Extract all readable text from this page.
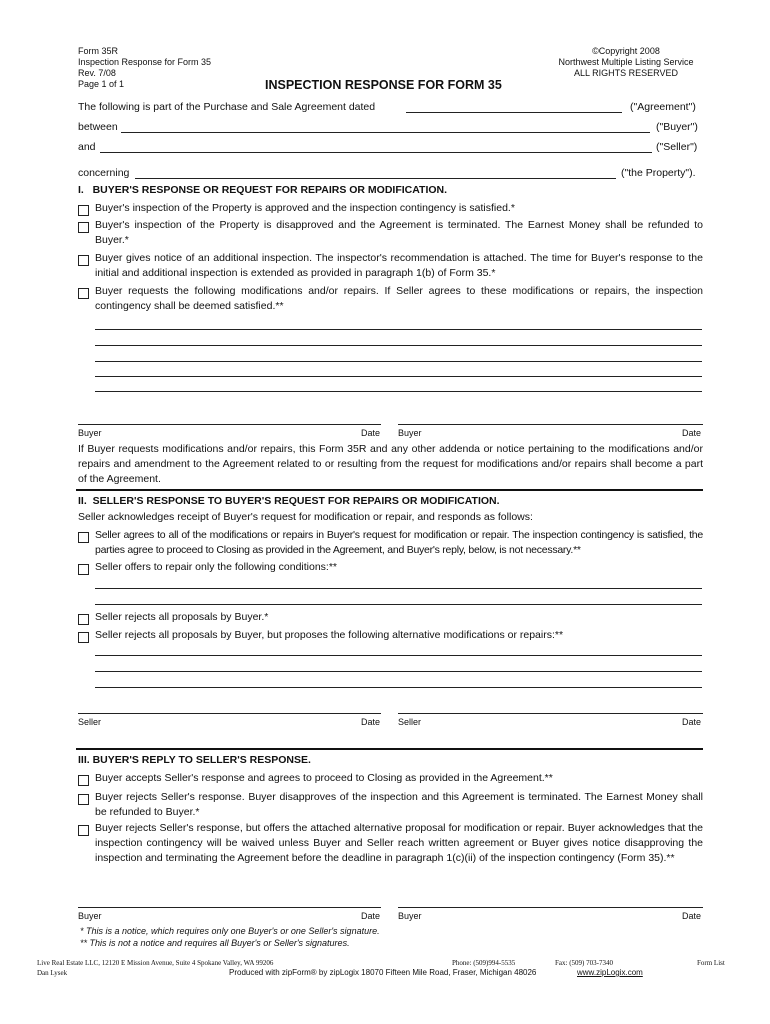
Form 35R
Inspection Response for Form 35
Rev. 7/08
Page 1 of 1	INSPECTION RESPONSE FOR FORM 35
©Copyright 2008
Northwest Multiple Listing Service
ALL RIGHTS RESERVED
The following is part of the Purchase and Sale Agreement dated	("Agreement")
between	("Buyer")
and	("Seller")
concerning	("the Property").
I.   BUYER'S RESPONSE OR REQUEST FOR REPAIRS OR MODIFICATION.
Buyer's inspection of the Property is approved and the inspection contingency is satisfied.*
Buyer's inspection of the Property is disapproved and the Agreement is terminated. The Earnest Money shall be refunded to Buyer.*
Buyer gives notice of an additional inspection. The inspector's recommendation is attached. The time for Buyer's response to the initial and additional inspection is extended as provided in paragraph 1(b) of Form 35.*
Buyer requests the following modifications and/or repairs. If Seller agrees to these modifications or repairs, the inspection contingency shall be deemed satisfied.**
Buyer	Date Buyer	Date
If Buyer requests modifications and/or repairs, this Form 35R and any other addenda or notice pertaining to the modifications and/or repairs and amendment to the Agreement related to or resulting from the request for modifications and/or repairs shall become a part of the Agreement.
II.  SELLER'S RESPONSE TO BUYER'S REQUEST FOR REPAIRS OR MODIFICATION.
Seller acknowledges receipt of Buyer's request for modification or repair, and responds as follows:
Seller agrees to all of the modifications or repairs in Buyer's request for modification or repair. The inspection contingency is satisfied, the parties agree to proceed to Closing as provided in the Agreement, and Buyer's reply, below, is not necessary.**
Seller offers to repair only the following conditions:**
Seller rejects all proposals by Buyer.*
Seller rejects all proposals by Buyer, but proposes the following alternative modifications or repairs:**
Seller	Date Seller	Date
III. BUYER'S REPLY TO SELLER'S RESPONSE.
Buyer accepts Seller's response and agrees to proceed to Closing as provided in the Agreement.**
Buyer rejects Seller's response. Buyer disapproves of the inspection and this Agreement is terminated. The Earnest Money shall be refunded to Buyer.*
Buyer rejects Seller's response, but offers the attached alternative proposal for modification or repair. Buyer acknowledges that the inspection contingency will be waived unless Buyer and Seller reach written agreement or Buyer gives notice disapproving the inspection and terminating the Agreement before the deadline in paragraph 1(c)(ii) of the inspection contingency (Form 35).**
Buyer	Date Buyer	Date
* This is a notice, which requires only one Buyer's or one Seller's signature.
** This is not a notice and requires all Buyer's or Seller's signatures.
Live Real Estate LLC, 12120 E Mission Avenue, Suite 4 Spokane Valley, WA 99206	Phone: (509)994-5535	Fax: (509) 703-7340	Form List
Dan Lysek	Produced with zipForm® by zipLogix 18070 Fifteen Mile Road, Fraser, Michigan 48026	www.zipLogix.com
